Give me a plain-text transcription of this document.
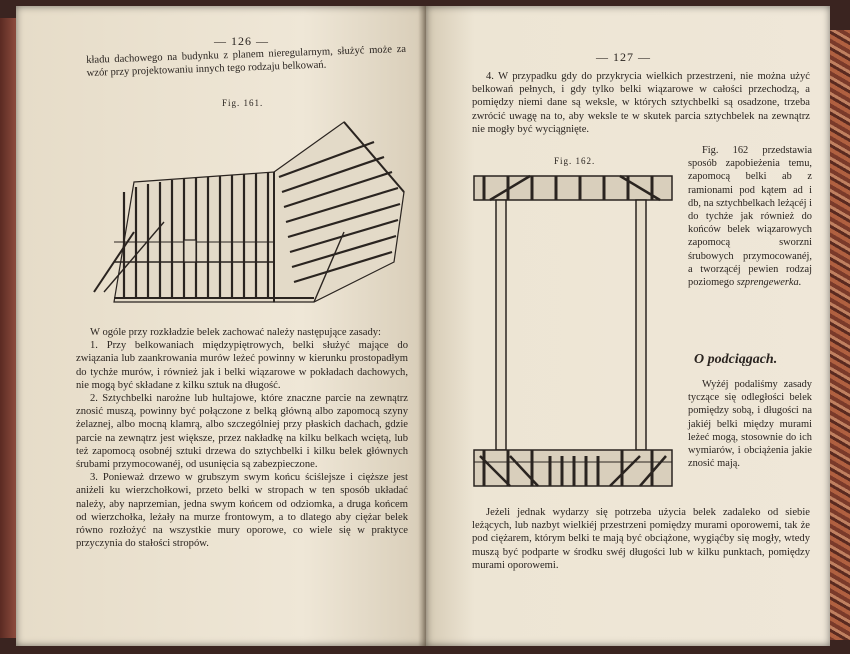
— 126 —
kładu dachowego na budynku z planem nieregularnym, służyć może za wzór przy projektowaniu innych tego rodzaju belkowań.
Fig. 161.

W ogóle przy rozkładzie belek zachować należy następujące zasady:

1. Przy belkowaniach międzypiętrowych, belki służyć mające do związania lub zaankrowania murów leżeć powinny w kierunku prostopadłym do tychże murów, i również jak i belki wiązarowe w pokładach dachowych, nie mogą być składane z kilku sztuk na długość.

2. Sztychbelki narożne lub hultajowe, które znaczne parcie na zewnątrz znosić muszą, powinny być połączone z belką główną albo zapomocą szyny żelaznej, albo mocną klamrą, albo szczególniej przy płaskich dachach, gdzie parcie na zewnątrz jest większe, przez nakładkę na kilku belkach wciętą, lub też zapomocą osobnéj sztuki drzewa do sztychbelki i kilku belek głównych śrubami przymocowanéj, od usunięcia są zabezpieczone.

3. Ponieważ drzewo w grubszym swym końcu ściślejsze i cięższe jest aniżeli ku wierzchołkowi, przeto belki w stropach w ten sposób układać należy, aby naprzemian, jedna swym końcem od odziomka, a druga końcem od wierzchołka, leżały na murze frontowym, a to dlatego aby ciężar belek równo rozłożyć na wszystkie mury oporowe, co wiele się w praktyce przyczynia do stałości stropów.

— 127 —

4. W przypadku gdy do przykrycia wielkich przestrzeni, nie można użyć belkowań pełnych, i gdy tylko belki wiązarowe w całości przechodzą, a pomiędzy niemi dane są weksle, w których sztychbelki są osadzone, trzeba zwrócić uwagę na to, aby weksle te w skutek parcia sztychbelek na zewnątrz nie mogły być wyciągnięte.

Fig. 162.

Fig. 162 przedstawia sposób zapobieżenia temu, zapomocą belki ab z ramionami pod kątem ad i db, na sztychbelkach leżącéj i do tychże jak również do końców belek wiązarowych zapomocą sworzni śrubowych przymocowanéj, a tworzącéj pewien rodzaj poziomego szprengewerka.

O podciągach.

Wyżéj podaliśmy zasady tyczące się odległości belek pomiędzy sobą, i długości na jakiéj belki między murami leżeć mogą, stosownie do ich wymiarów, i obciążenia jakie znosić mają.

Jeżeli jednak wydarzy się potrzeba użycia belek zadaleko od siebie leżących, lub nazbyt wielkiéj przestrzeni pomiędzy murami oporowemi, tak że pod ciężarem, którym belki te mają być obciążone, wygiąćby się mogły, wtedy muszą być podparte w środku swéj długości lub w kilku punktach, pomiędzy murami oporowemi.
